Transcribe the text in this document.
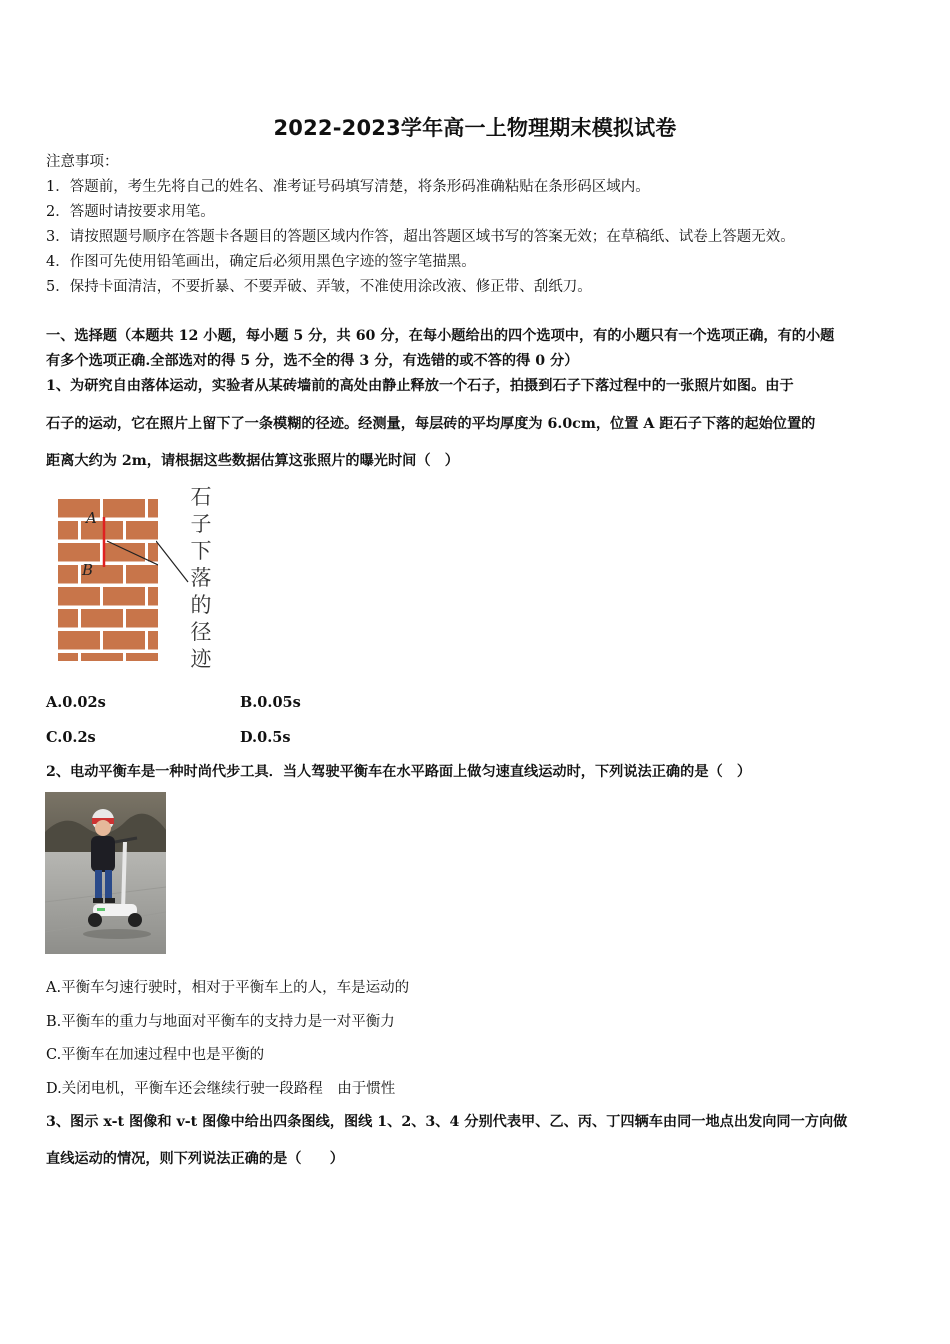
2022-2023学年高一上物理期末模拟试卷
注意事项：
1．答题前，考生先将自己的姓名、准考证号码填写清楚，将条形码准确粘贴在条形码区域内。
2．答题时请按要求用笔。
3．请按照题号顺序在答题卡各题目的答题区域内作答，超出答题区域书写的答案无效；在草稿纸、试卷上答题无效。
4．作图可先使用铅笔画出，确定后必须用黑色字迹的签字笔描黑。
5．保持卡面清洁，不要折暴、不要弄破、弄皱，不准使用涂改液、修正带、刮纸刀。
一、选择题（本题共 12 小题，每小题 5 分，共 60 分，在每小题给出的四个选项中，有的小题只有一个选项正确，有的小题
有多个选项正确.全部选对的得 5 分，选不全的得 3 分，有选错的或不答的得 0 分）
1、为研究自由落体运动，实验者从某砖墙前的高处由静止释放一个石子，拍摄到石子下落过程中的一张照片如图。由于
石子的运动，它在照片上留下了一条模糊的径迹。经测量，每层砖的平均厚度为 6.0cm，位置 A 距石子下落的起始位置的
距离大约为 2m，请根据这些数据估算这张照片的曝光时间（　）
A
B
石
子
下
落
的
径
迹
A.0.02s	B.0.05s
C.0.2s	D.0.5s
2、电动平衡车是一种时尚代步工具．当人驾驶平衡车在水平路面上做匀速直线运动时，下列说法正确的是（　）
A.平衡车匀速行驶时，相对于平衡车上的人，车是运动的
B.平衡车的重力与地面对平衡车的支持力是一对平衡力
C.平衡车在加速过程中也是平衡的
D.关闭电机，平衡车还会继续行驶一段路程　由于惯性
3、图示 x-t 图像和 v-t 图像中给出四条图线，图线 1、2、3、4 分别代表甲、乙、丙、丁四辆车由同一地点出发向同一方向做
直线运动的情况，则下列说法正确的是（　　）
